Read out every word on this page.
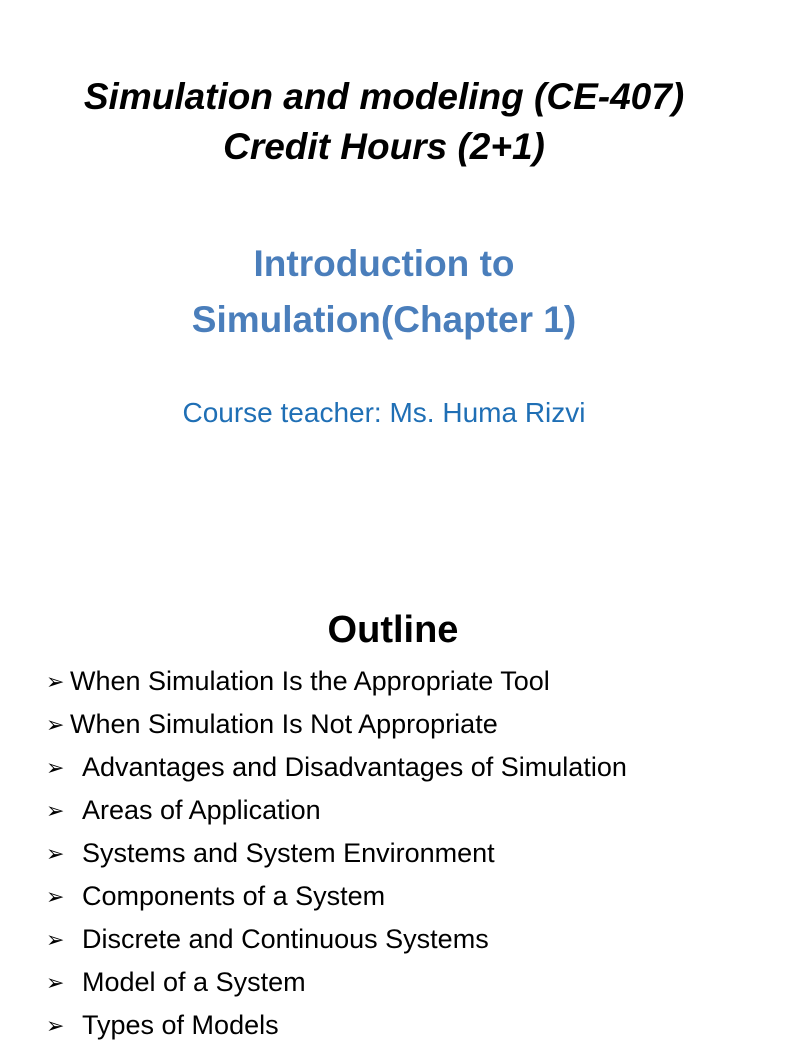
Simulation and modeling (CE-407)
Credit Hours (2+1)
Introduction to
Simulation(Chapter 1)

Course teacher: Ms. Huma Rizvi

Outline
➢ When Simulation Is the Appropriate Tool
➢ When Simulation Is Not Appropriate
➢ Advantages and Disadvantages of Simulation
➢ Areas of Application
➢ Systems and System Environment
➢ Components of a System
➢ Discrete and Continuous Systems
➢ Model of a System
➢ Types of Models
